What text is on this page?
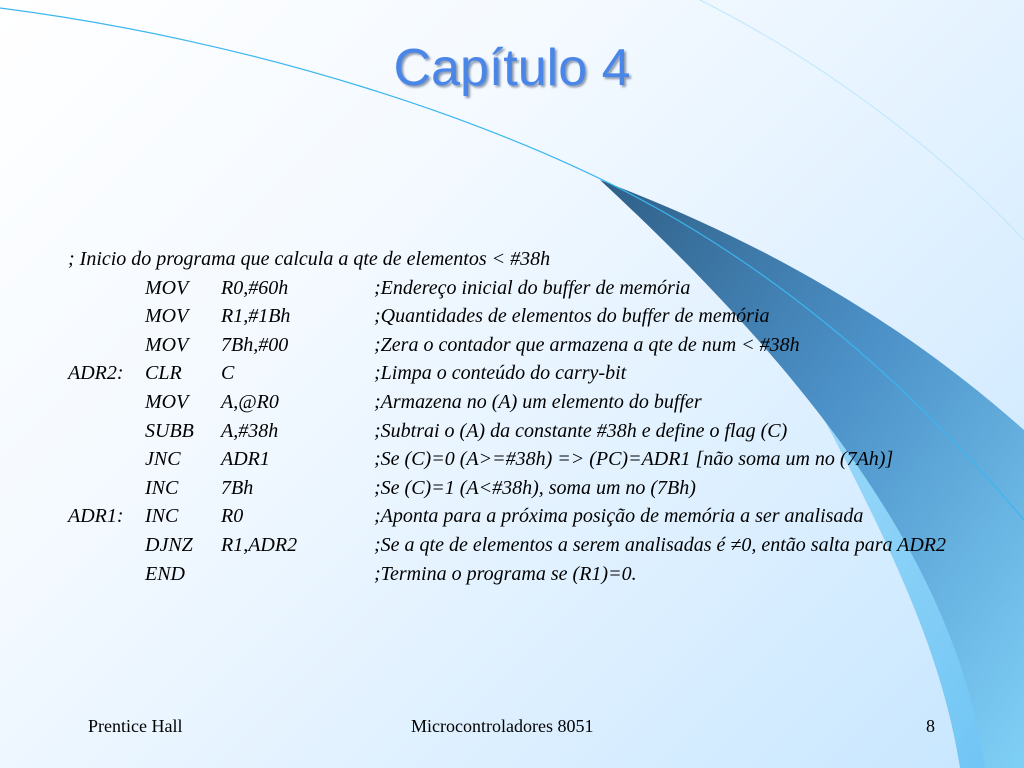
Capítulo 4
; Inicio do programa que calcula a qte de elementos < #38h
MOV R0,#60h	;Endereço inicial do buffer de memória
MOV R1,#1Bh	;Quantidades de elementos do buffer de memória
MOV 7Bh,#00	;Zera o contador que armazena a qte de num < #38h
ADR2: CLR C	;Limpa o conteúdo do carry-bit
MOV A,@R0	;Armazena no (A) um elemento do buffer
SUBB A,#38h	;Subtrai o (A) da constante #38h e define o flag (C)
JNC ADR1	;Se (C)=0 (A>=#38h) => (PC)=ADR1 [não soma um no (7Ah)]
INC 7Bh	;Se (C)=1 (A<#38h), soma um no (7Bh)
ADR1: INC R0	;Aponta para a próxima posição de memória a ser analisada
DJNZ R1,ADR2	;Se a qte de elementos a serem analisadas é ≠0, então salta para ADR2
END	;Termina o programa se (R1)=0.
Prentice Hall	Microcontroladores 8051	8
